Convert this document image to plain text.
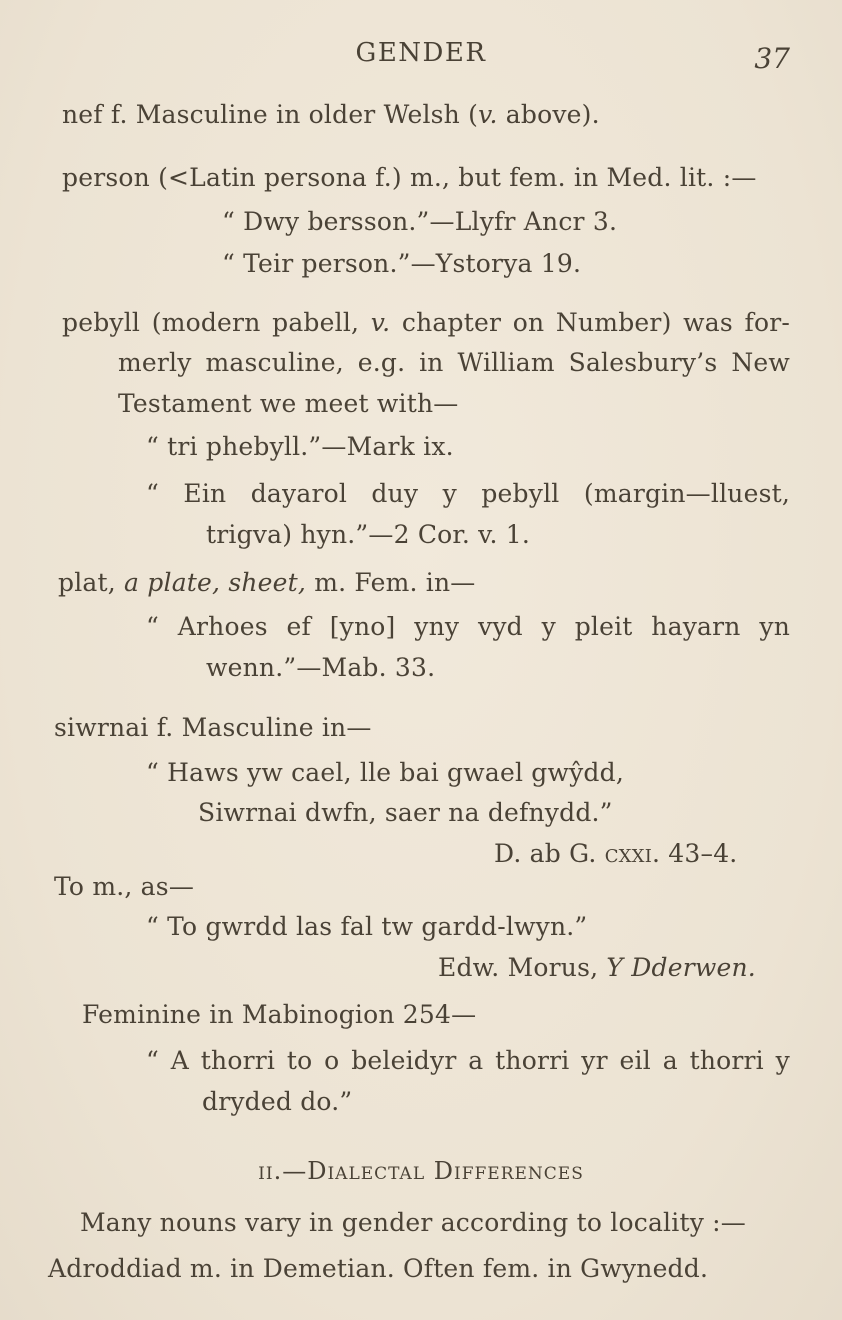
GENDER	37
nef f. Masculine in older Welsh (v. above).
person (<Latin persona f.) m., but fem. in Med. lit. :—
“ Dwy bersson.”—Llyfr Ancr 3.
“ Teir person.”—Ystorya 19.
pebyll (modern pabell, v. chapter on Number) was for-
merly masculine, e.g. in William Salesbury’s New
Testament we meet with—
“ tri phebyll.”—Mark ix.
“ Ein dayarol duy y pebyll (margin—lluest,
trigva) hyn.”—2 Cor. v. 1.
plat, a plate, sheet, m. Fem. in—
“ Arhoes ef [yno] yny vyd y pleit hayarn yn
wenn.”—Mab. 33.
siwrnai f. Masculine in—
“ Haws yw cael, lle bai gwael gwŷdd,
Siwrnai dwfn, saer na defnydd.”
D. ab G. cxxi. 43–4.
To m., as—
“ To gwrdd las fal tw gardd-lwyn.”
Edw. Morus, Y Dderwen.
Feminine in Mabinogion 254—
“ A thorri to o beleidyr a thorri yr eil a thorri y
dryded do.”
ii.—Dialectal Differences
Many nouns vary in gender according to locality :—
Adroddiad m. in Demetian. Often fem. in Gwynedd.
